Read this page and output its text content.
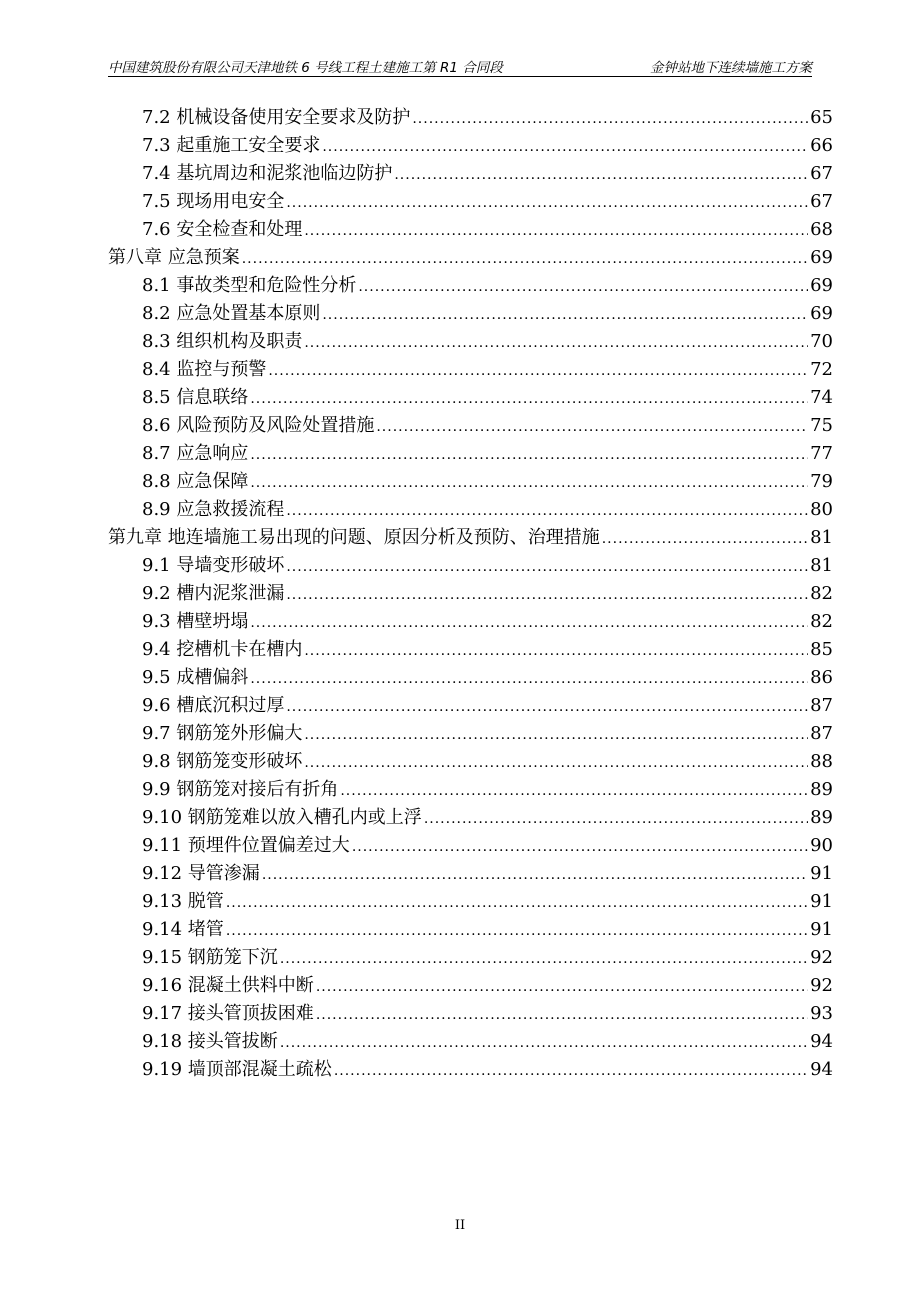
中国建筑股份有限公司天津地铁 6 号线工程土建施工第 R1 合同段	金钟站地下连续墙施工方案
7.2 机械设备使用安全要求及防护 .....	65
7.3 起重施工安全要求 .....	66
7.4 基坑周边和泥浆池临边防护 .....	67
7.5 现场用电安全 .....	67
7.6 安全检查和处理 .....	68
第八章 应急预案 .....	69
8.1 事故类型和危险性分析 .....	69
8.2 应急处置基本原则 .....	69
8.3 组织机构及职责 .....	70
8.4 监控与预警 .....	72
8.5 信息联络 .....	74
8.6 风险预防及风险处置措施 .....	75
8.7 应急响应 .....	77
8.8 应急保障 .....	79
8.9 应急救援流程 .....	80
第九章 地连墙施工易出现的问题、原因分析及预防、治理措施 .....	81
9.1 导墙变形破坏 .....	81
9.2 槽内泥浆泄漏 .....	82
9.3 槽壁坍塌 .....	82
9.4 挖槽机卡在槽内 .....	85
9.5 成槽偏斜 .....	86
9.6 槽底沉积过厚 .....	87
9.7 钢筋笼外形偏大 .....	87
9.8 钢筋笼变形破坏 .....	88
9.9 钢筋笼对接后有折角 .....	89
9.10 钢筋笼难以放入槽孔内或上浮 .....	89
9.11 预埋件位置偏差过大 .....	90
9.12 导管渗漏 .....	91
9.13 脱管 .....	91
9.14 堵管 .....	91
9.15 钢筋笼下沉 .....	92
9.16 混凝土供料中断 .....	92
9.17 接头管顶拔困难 .....	93
9.18 接头管拔断 .....	94
9.19 墙顶部混凝土疏松 .....	94
II
